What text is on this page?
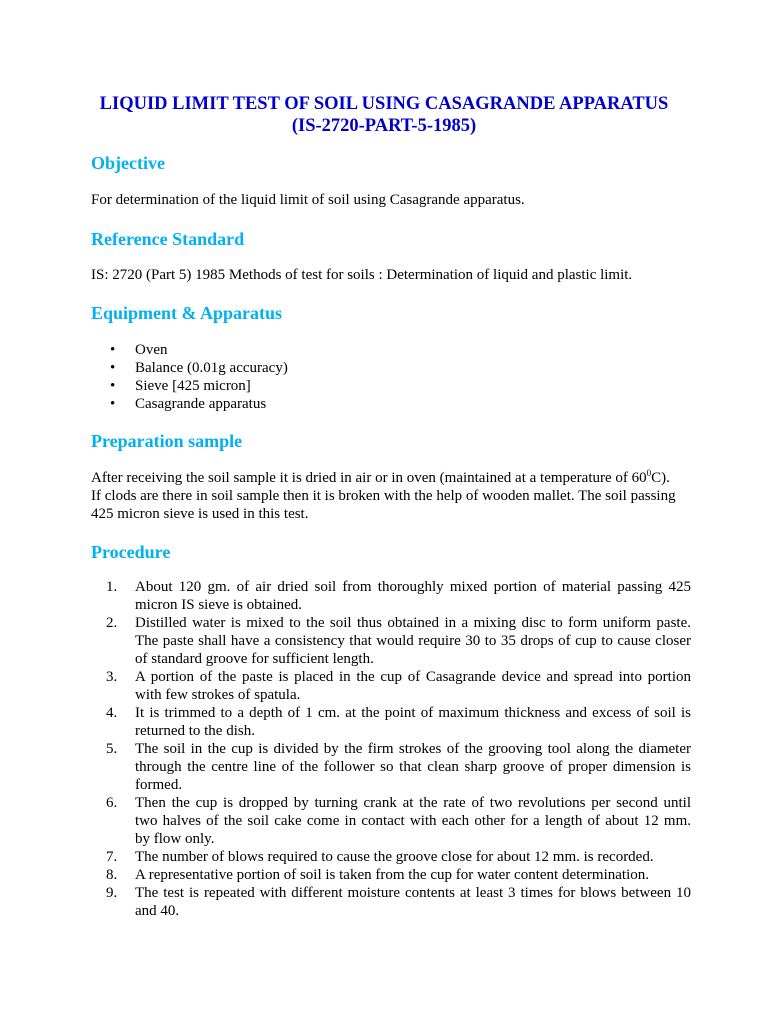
LIQUID LIMIT TEST OF SOIL USING CASAGRANDE APPARATUS
(IS-2720-PART-5-1985)
Objective

For determination of the liquid limit of soil using Casagrande apparatus.

Reference Standard

IS: 2720 (Part 5) 1985 Methods of test for soils : Determination of liquid and plastic limit.

Equipment & Apparatus
• Oven
• Balance (0.01g accuracy)
• Sieve [425 micron]
• Casagrande apparatus
Preparation sample

After receiving the soil sample it is dried in air or in oven (maintained at a temperature of $60^0C$).

If clods are there in soil sample then it is broken with the help of wooden mallet. The soil passing

425 micron sieve is used in this test.

Procedure
1. About 120 gm. of air dried soil from thoroughly mixed portion of material passing 425
micron IS sieve is obtained.
2. Distilled water is mixed to the soil thus obtained in a mixing disc to form uniform paste.
The paste shall have a consistency that would require 30 to 35 drops of cup to cause closer
of standard groove for sufficient length.
3. A portion of the paste is placed in the cup of Casagrande device and spread into portion
with few strokes of spatula.
4. It is trimmed to a depth of 1 cm. at the point of maximum thickness and excess of soil is
returned to the dish.
5. The soil in the cup is divided by the firm strokes of the grooving tool along the diameter
through the centre line of the follower so that clean sharp groove of proper dimension is
formed.
6. Then the cup is dropped by turning crank at the rate of two revolutions per second until
two halves of the soil cake come in contact with each other for a length of about 12 mm.
by flow only.
7. The number of blows required to cause the groove close for about 12 mm. is recorded.
8. A representative portion of soil is taken from the cup for water content determination.
9. The test is repeated with different moisture contents at least 3 times for blows between 10
and 40.
